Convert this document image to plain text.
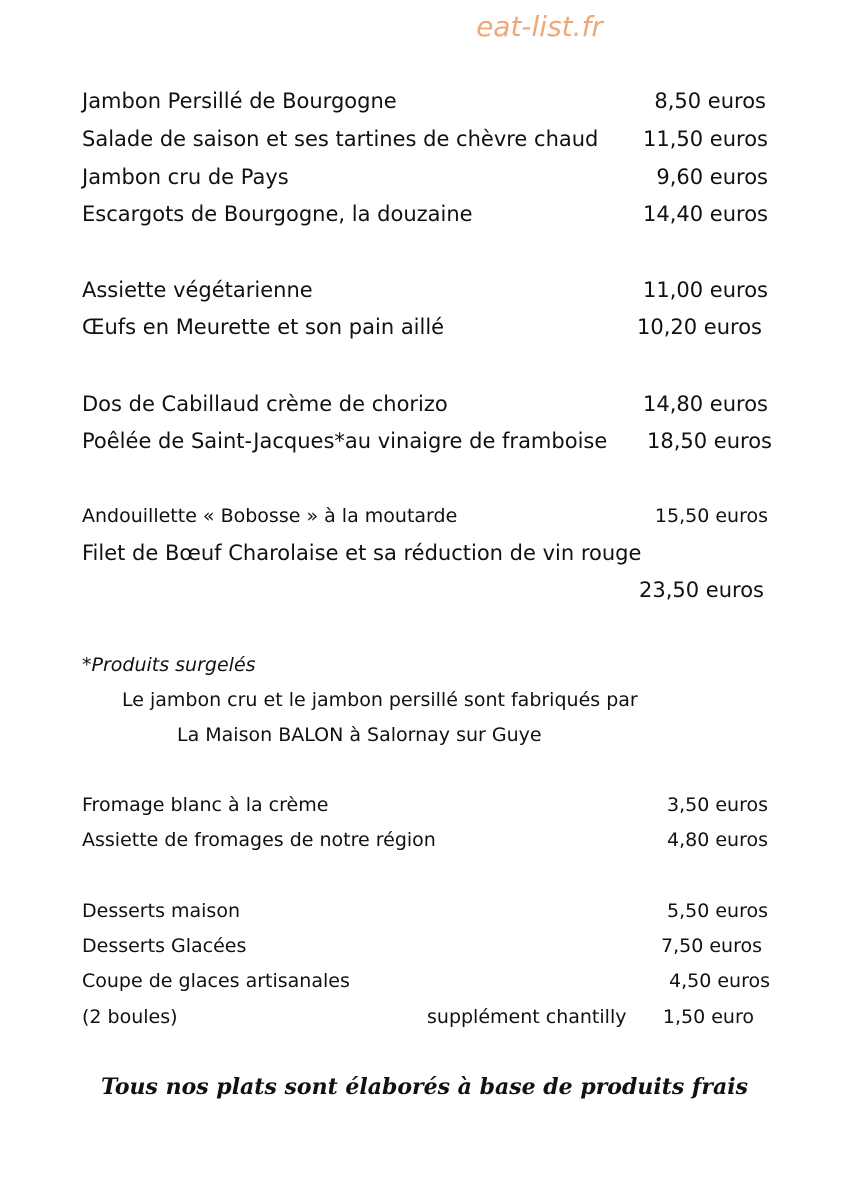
eat-list.fr
Jambon Persillé de Bourgogne	8,50 euros
Salade de saison et ses tartines de chèvre chaud 11,50 euros
Jambon cru de Pays	9,60 euros
Escargots de Bourgogne, la douzaine	14,40 euros
Assiette végétarienne	11,00 euros
Œufs en Meurette et son pain aillé	10,20 euros
Dos de Cabillaud crème de chorizo	14,80 euros
Poêlée de Saint-Jacques*au vinaigre de framboise 18,50 euros
Andouillette « Bobosse » à la moutarde	15,50 euros
Filet de Bœuf Charolaise et sa réduction de vin rouge
23,50 euros
*Produits surgelés
Le jambon cru et le jambon persillé sont fabriqués par
La Maison BALON à Salornay sur Guye
Fromage blanc à la crème	3,50 euros
Assiette de fromages de notre région	4,80 euros
Desserts maison	5,50 euros
Desserts Glacées	7,50 euros
Coupe de glaces artisanales	4,50 euros
(2 boules)	supplément chantilly 1,50 euro
Tous nos plats sont élaborés à base de produits frais
